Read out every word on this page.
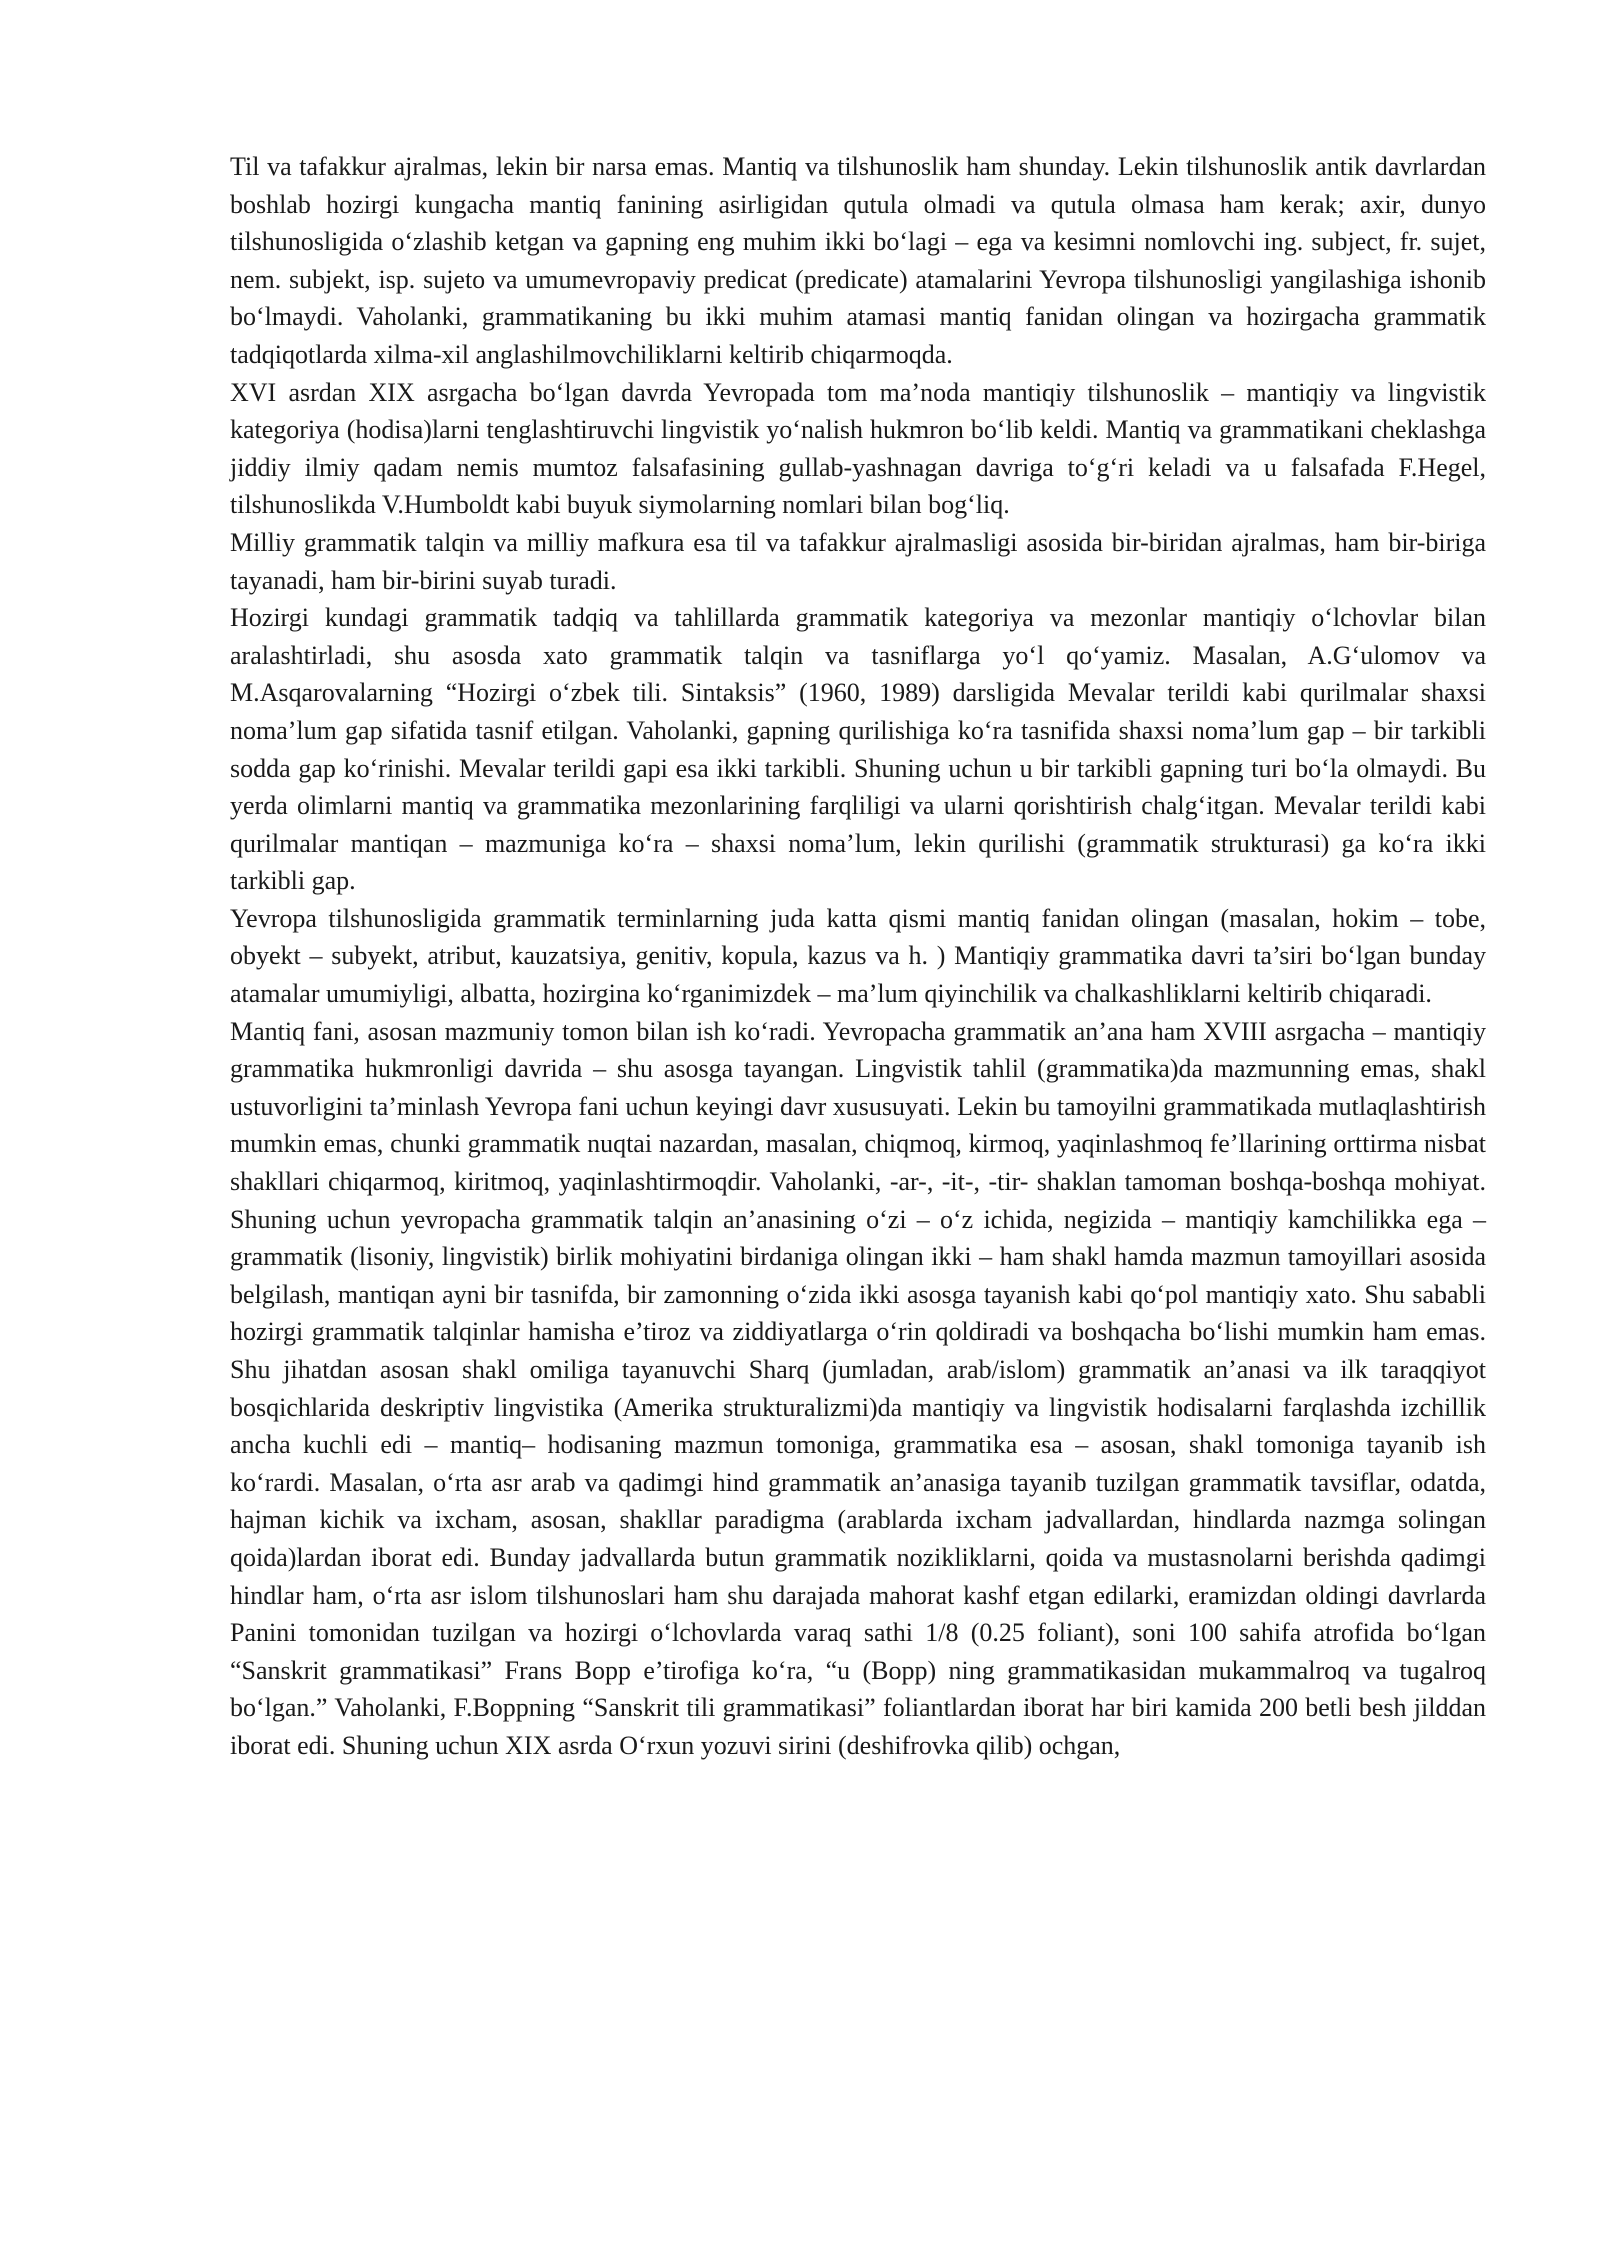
Til va tafakkur ajralmas, lekin bir narsa emas. Mantiq va tilshunoslik ham shunday. Lekin tilshunoslik antik davrlardan boshlab hozirgi kungacha mantiq fanining asirligidan qutula olmadi va qutula olmasa ham kerak; axir, dunyo tilshunosligida o‘zlashib ketgan va gapning eng muhim ikki bo‘lagi – ega va kesimni nomlovchi ing. subject, fr. sujet, nem. subjekt, isp. sujeto va umumevropaviy predicat (predicate) atamalarini Yevropa tilshunosligi yangilashiga ishonib bo‘lmaydi. Vaholanki, grammatikaning bu ikki muhim atamasi mantiq fanidan olingan va hozirgacha grammatik tadqiqotlarda xilma-xil anglashilmovchiliklarni keltirib chiqarmoqda.

XVI asrdan XIX asrgacha bo‘lgan davrda Yevropada tom ma’noda mantiqiy tilshunoslik – mantiqiy va lingvistik kategoriya (hodisa)larni tenglashtiruvchi lingvistik yo‘nalish hukmron bo‘lib keldi. Mantiq va grammatikani cheklashga jiddiy ilmiy qadam nemis mumtoz falsafasining gullab-yashnagan davriga to‘g‘ri keladi va u falsafada F.Hegel, tilshunoslikda V.Humboldt kabi buyuk siymolarning nomlari bilan bog‘liq.

Milliy grammatik talqin va milliy mafkura esa til va tafakkur ajralmasligi asosida bir-biridan ajralmas, ham bir-biriga tayanadi, ham bir-birini suyab turadi.

Hozirgi kundagi grammatik tadqiq va tahlillarda grammatik kategoriya va mezonlar mantiqiy o‘lchovlar bilan aralashtirladi, shu asosda xato grammatik talqin va tasniflarga yo‘l qo‘yamiz. Masalan, A.G‘ulomov va M.Asqarovalarning “Hozirgi o‘zbek tili. Sintaksis” (1960, 1989) darsligida Mevalar terildi kabi qurilmalar shaxsi noma’lum gap sifatida tasnif etilgan. Vaholanki, gapning qurilishiga ko‘ra tasnifida shaxsi noma’lum gap – bir tarkibli sodda gap ko‘rinishi. Mevalar terildi gapi esa ikki tarkibli. Shuning uchun u bir tarkibli gapning turi bo‘la olmaydi. Bu yerda olimlarni mantiq va grammatika mezonlarining farqliligi va ularni qorishtirish chalg‘itgan. Mevalar terildi kabi qurilmalar mantiqan – mazmuniga ko‘ra – shaxsi noma’lum, lekin qurilishi (grammatik strukturasi) ga ko‘ra ikki tarkibli gap.

Yevropa tilshunosligida grammatik terminlarning juda katta qismi mantiq fanidan olingan (masalan, hokim – tobe, obyekt – subyekt, atribut, kauzatsiya, genitiv, kopula, kazus va h. ) Mantiqiy grammatika davri ta’siri bo‘lgan bunday atamalar umumiyligi, albatta, hozirgina ko‘rganimizdek – ma’lum qiyinchilik va chalkashliklarni keltirib chiqaradi.

Mantiq fani, asosan mazmuniy tomon bilan ish ko‘radi. Yevropacha grammatik an’ana ham XVIII asrgacha – mantiqiy grammatika hukmronligi davrida – shu asosga tayangan. Lingvistik tahlil (grammatika)da mazmunning emas, shakl ustuvorligini ta’minlash Yevropa fani uchun keyingi davr xususuyati. Lekin bu tamoyilni grammatikada mutlaqlashtirish mumkin emas, chunki grammatik nuqtai nazardan, masalan, chiqmoq, kirmoq, yaqinlashmoq fe’llarining orttirma nisbat shakllari chiqarmoq, kiritmoq, yaqinlashtirmoqdir. Vaholanki, -ar-, -it-, -tir- shaklan tamoman boshqa-boshqa mohiyat. Shuning uchun yevropacha grammatik talqin an’anasining o‘zi – o‘z ichida, negizida – mantiqiy kamchilikka ega – grammatik (lisoniy, lingvistik) birlik mohiyatini birdaniga olingan ikki – ham shakl hamda mazmun tamoyillari asosida belgilash, mantiqan ayni bir tasnifda, bir zamonning o‘zida ikki asosga tayanish kabi qo‘pol mantiqiy xato. Shu sababli hozirgi grammatik talqinlar hamisha e’tiroz va ziddiyatlarga o‘rin qoldiradi va boshqacha bo‘lishi mumkin ham emas. Shu jihatdan asosan shakl omiliga tayanuvchi Sharq (jumladan, arab/islom) grammatik an’anasi va ilk taraqqiyot bosqichlarida deskriptiv lingvistika (Amerika strukturalizmi)da mantiqiy va lingvistik hodisalarni farqlashda izchillik ancha kuchli edi – mantiq– hodisaning mazmun tomoniga, grammatika esa – asosan, shakl tomoniga tayanib ish ko‘rardi. Masalan, o‘rta asr arab va qadimgi hind grammatik an’anasiga tayanib tuzilgan grammatik tavsiflar, odatda, hajman kichik va ixcham, asosan, shakllar paradigma (arablarda ixcham jadvallardan, hindlarda nazmga solingan qoida)lardan iborat edi. Bunday jadvallarda butun grammatik nozikliklarni, qoida va mustasnolarni berishda qadimgi hindlar ham, o‘rta asr islom tilshunoslari ham shu darajada mahorat kashf etgan edilarki, eramizdan oldingi davrlarda Panini tomonidan tuzilgan va hozirgi o‘lchovlarda varaq sathi 1/8 (0.25 foliant), soni 100 sahifa atrofida bo‘lgan “Sanskrit grammatikasi” Frans Bopp e’tirofiga ko‘ra, “u (Bopp) ning grammatikasidan mukammalroq va tugalroq bo‘lgan.” Vaholanki, F.Boppning “Sanskrit tili grammatikasi” foliantlardan iborat har biri kamida 200 betli besh jilddan iborat edi. Shuning uchun XIX asrda O‘rxun yozuvi sirini (deshifrovka qilib) ochgan,
